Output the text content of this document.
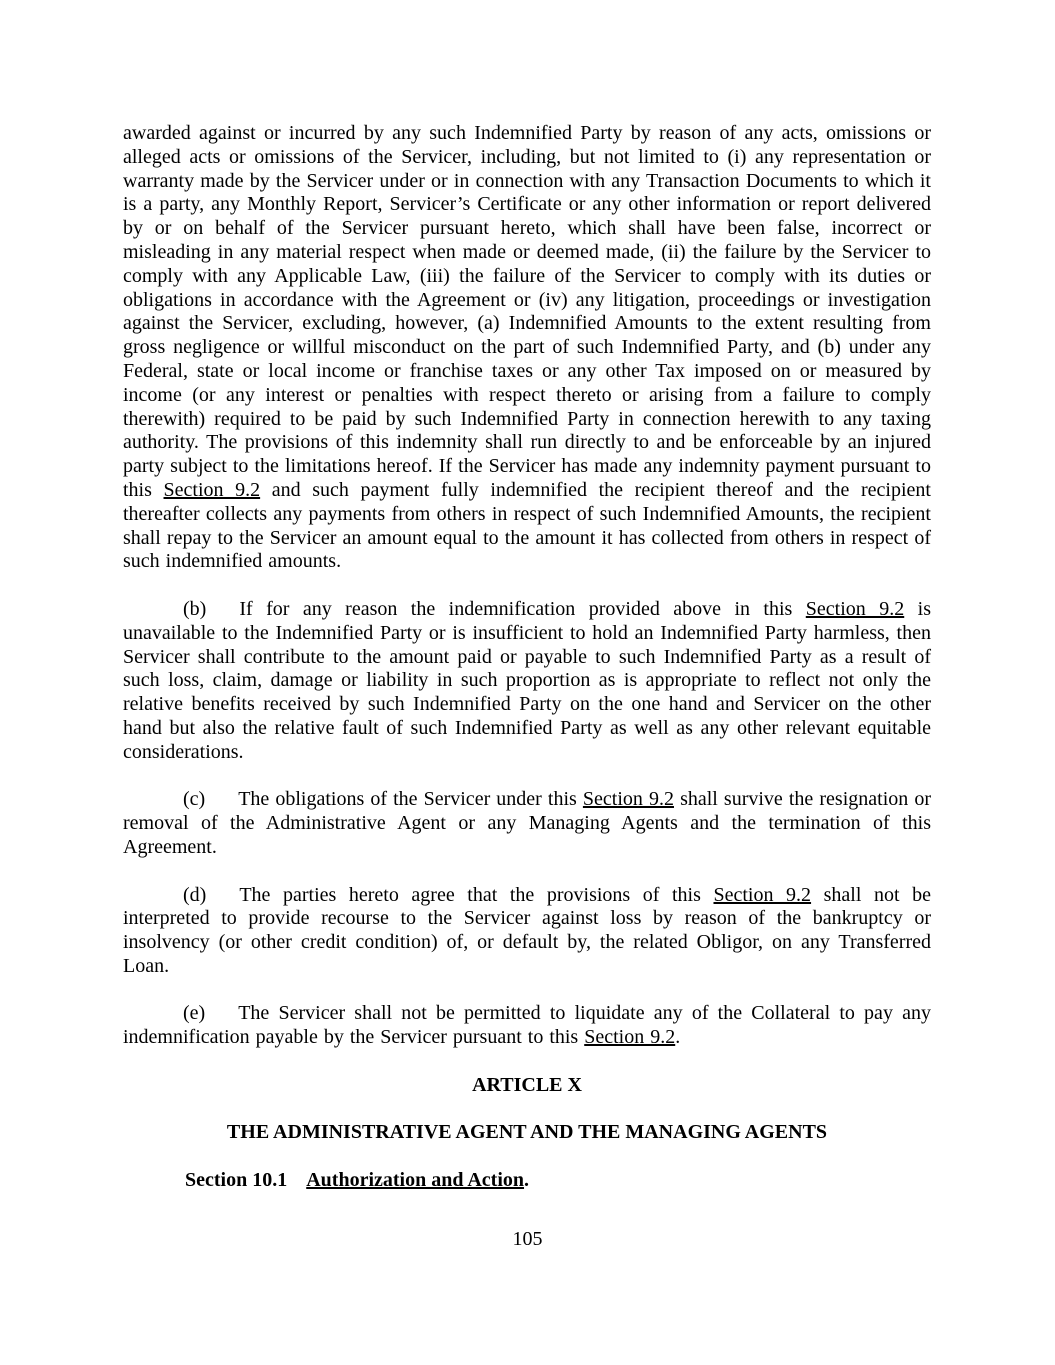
awarded against or incurred by any such Indemnified Party by reason of any acts, omissions or alleged acts or omissions of the Servicer, including, but not limited to (i) any representation or warranty made by the Servicer under or in connection with any Transaction Documents to which it is a party, any Monthly Report, Servicer’s Certificate or any other information or report delivered by or on behalf of the Servicer pursuant hereto, which shall have been false, incorrect or misleading in any material respect when made or deemed made, (ii) the failure by the Servicer to comply with any Applicable Law, (iii) the failure of the Servicer to comply with its duties or obligations in accordance with the Agreement or (iv) any litigation, proceedings or investigation against the Servicer, excluding, however, (a) Indemnified Amounts to the extent resulting from gross negligence or willful misconduct on the part of such Indemnified Party, and (b) under any Federal, state or local income or franchise taxes or any other Tax imposed on or measured by income (or any interest or penalties with respect thereto or arising from a failure to comply therewith) required to be paid by such Indemnified Party in connection herewith to any taxing authority. The provisions of this indemnity shall run directly to and be enforceable by an injured party subject to the limitations hereof. If the Servicer has made any indemnity payment pursuant to this Section 9.2 and such payment fully indemnified the recipient thereof and the recipient thereafter collects any payments from others in respect of such Indemnified Amounts, the recipient shall repay to the Servicer an amount equal to the amount it has collected from others in respect of such indemnified amounts.

(b) If for any reason the indemnification provided above in this Section 9.2 is unavailable to the Indemnified Party or is insufficient to hold an Indemnified Party harmless, then Servicer shall contribute to the amount paid or payable to such Indemnified Party as a result of such loss, claim, damage or liability in such proportion as is appropriate to reflect not only the relative benefits received by such Indemnified Party on the one hand and Servicer on the other hand but also the relative fault of such Indemnified Party as well as any other relevant equitable considerations.

(c) The obligations of the Servicer under this Section 9.2 shall survive the resignation or removal of the Administrative Agent or any Managing Agents and the termination of this Agreement.

(d) The parties hereto agree that the provisions of this Section 9.2 shall not be interpreted to provide recourse to the Servicer against loss by reason of the bankruptcy or insolvency (or other credit condition) of, or default by, the related Obligor, on any Transferred Loan.

(e) The Servicer shall not be permitted to liquidate any of the Collateral to pay any indemnification payable by the Servicer pursuant to this Section 9.2.

ARTICLE X

THE ADMINISTRATIVE AGENT AND THE MANAGING AGENTS

Section 10.1 Authorization and Action.

105
